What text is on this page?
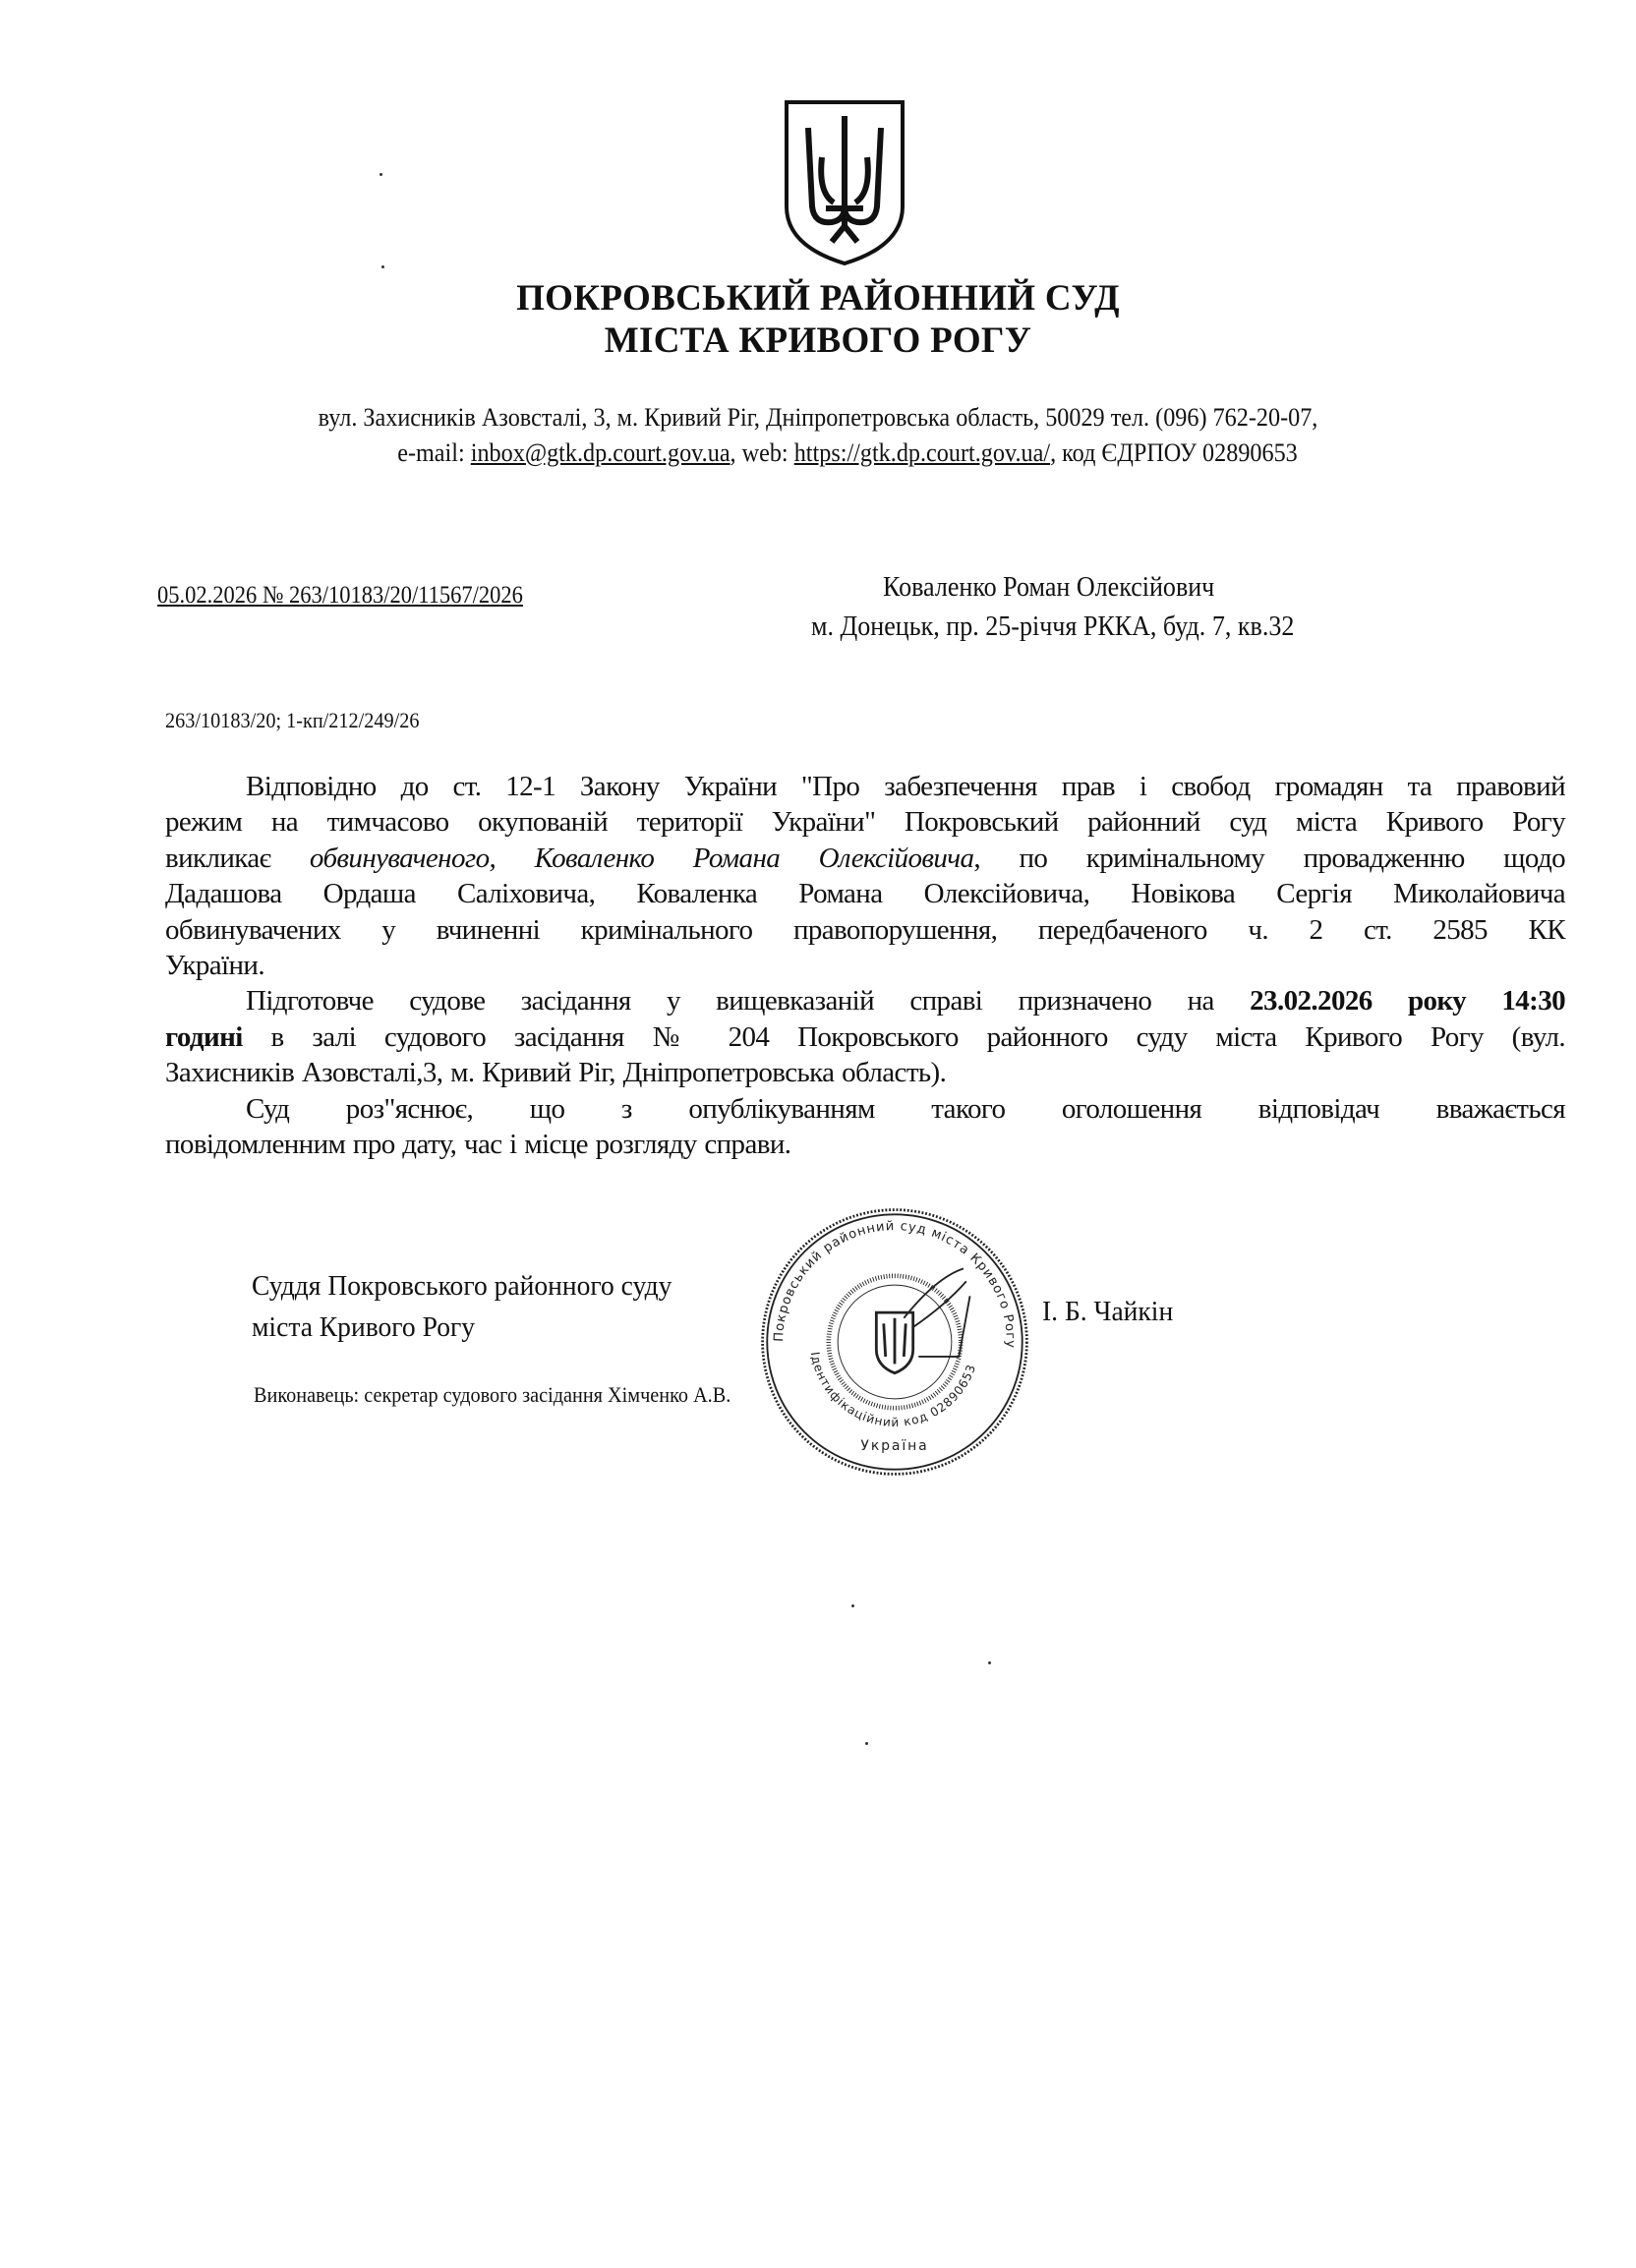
ПОКРОВСЬКИЙ РАЙОННИЙ СУД
МІСТА КРИВОГО РОГУ
вул. Захисників Азовсталі, 3, м. Кривий Ріг, Дніпропетровська область, 50029 тел. (096) 762-20-07,
e-mail: inbox@gtk.dp.court.gov.ua, web: https://gtk.dp.court.gov.ua/, код ЄДРПОУ 02890653
05.02.2026 № 263/10183/20/11567/2026	Коваленко Роман Олексійович
м. Донецьк, пр. 25-річчя РККА, буд. 7, кв.32
263/10183/20; 1-кп/212/249/26
Відповідно до ст. 12-1 Закону України "Про забезпечення прав і свобод громадян та правовий
режим на тимчасово окупованій території України" Покровський районний суд міста Кривого Рогу
викликає обвинуваченого, Коваленко Романа Олексійовича, по кримінальному провадженню щодо
Дадашова Ордаша Саліховича, Коваленка Романа Олексійовича, Новікова Сергія Миколайовича
обвинувачених у вчиненні кримінального правопорушення, передбаченого ч. 2 ст. 2585 КК
України.
Підготовче судове засідання у вищевказаній справі призначено на 23.02.2026 року 14:30
годині в залі судового засідання № 204 Покровського районного суду міста Кривого Рогу (вул.
Захисників Азовсталі,3, м. Кривий Ріг, Дніпропетровська область).
Суд роз"яснює, що з опублікуванням такого оголошення відповідач вважається
повідомленним про дату, час і місце розгляду справи.
Суддя Покровського районного суду
міста Кривого Рогу	І. Б. Чайкін
Виконавець: секретар судового засідання Хімченко А.В.
Покровський районний суд міста Кривого Рогу
Ідентифікаційний код 02890653
Україна
